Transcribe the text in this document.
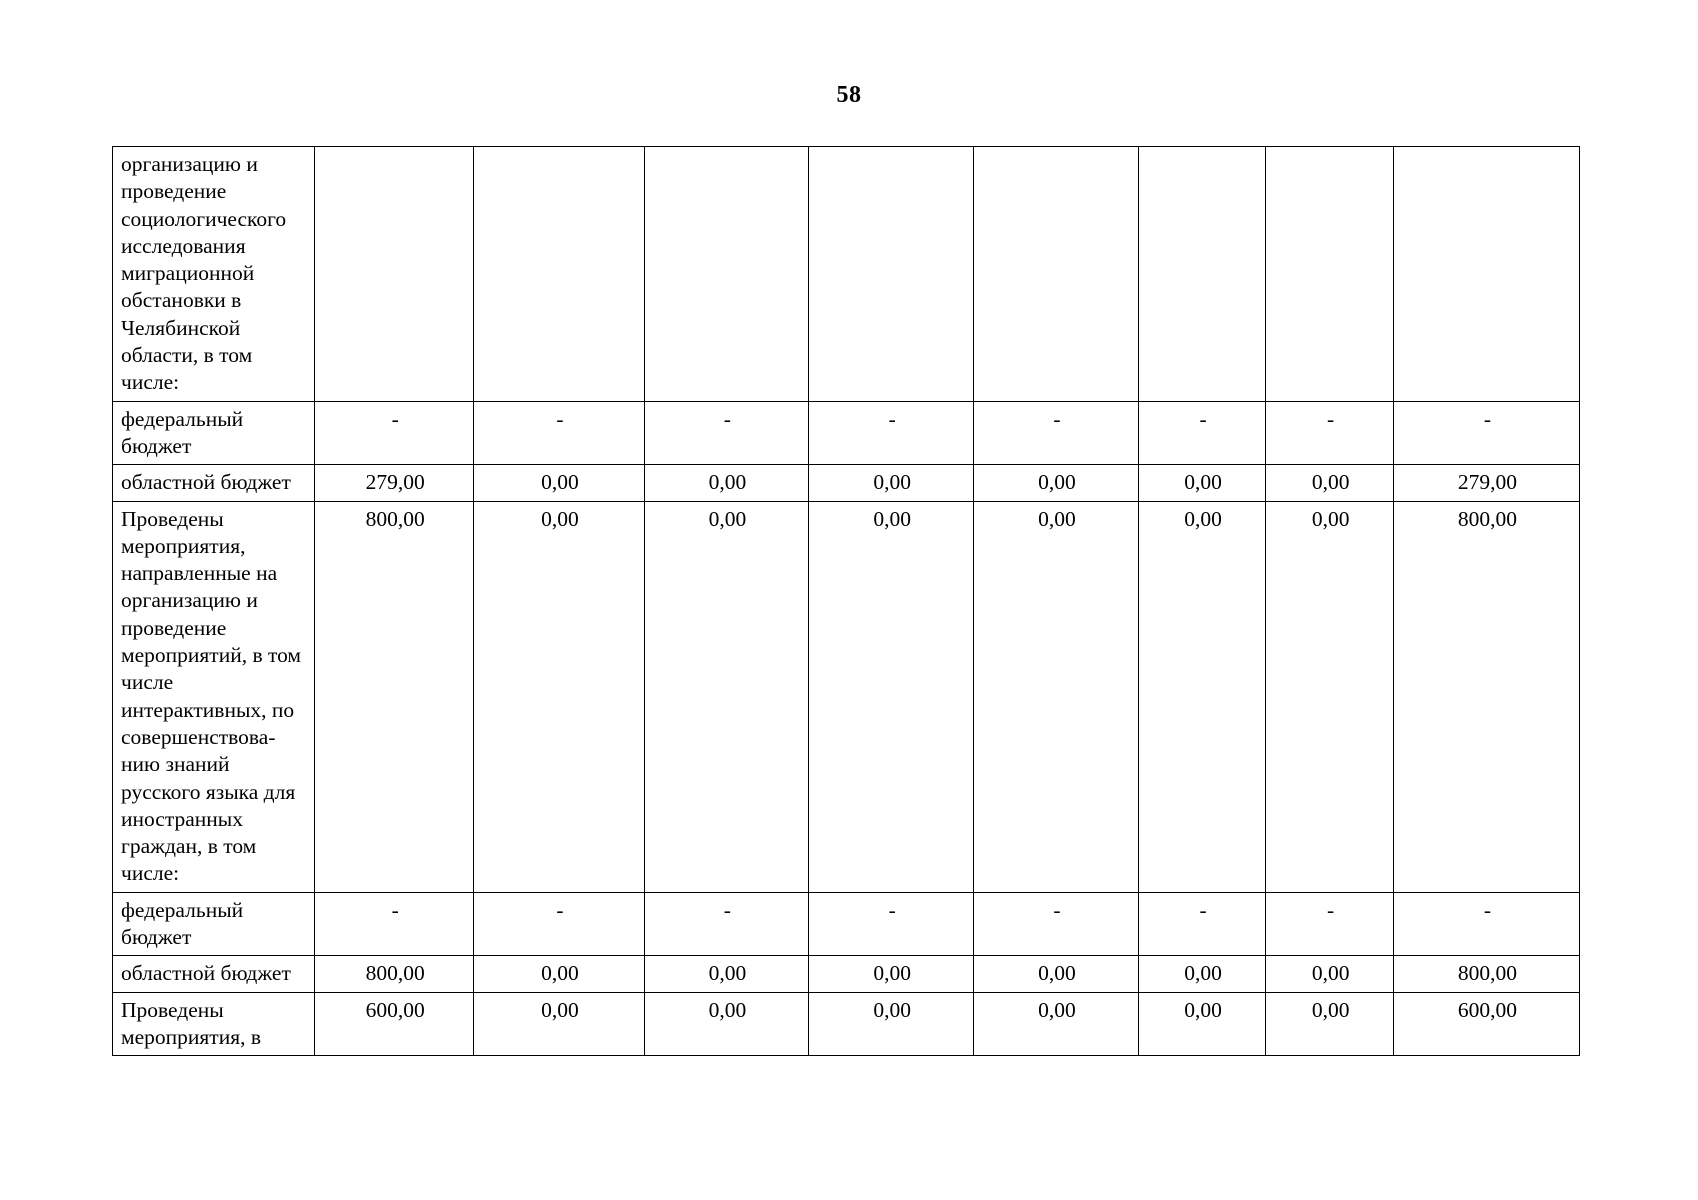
58
организацию и проведение социологического исследования миграционной обстановки в Челябинской области, в том числе:								
федеральный бюджет	-	-	-	-	-	-	-	-
областной бюджет	279,00	0,00	0,00	0,00	0,00	0,00	0,00	279,00
Проведены мероприятия, направленные на организацию и проведение мероприятий, в том числе интерактивных, по совершенствова-нию знаний русского языка для иностранных граждан, в том числе:	800,00	0,00	0,00	0,00	0,00	0,00	0,00	800,00
федеральный бюджет	-	-	-	-	-	-	-	-
областной бюджет	800,00	0,00	0,00	0,00	0,00	0,00	0,00	800,00
Проведены мероприятия, в	600,00	0,00	0,00	0,00	0,00	0,00	0,00	600,00
